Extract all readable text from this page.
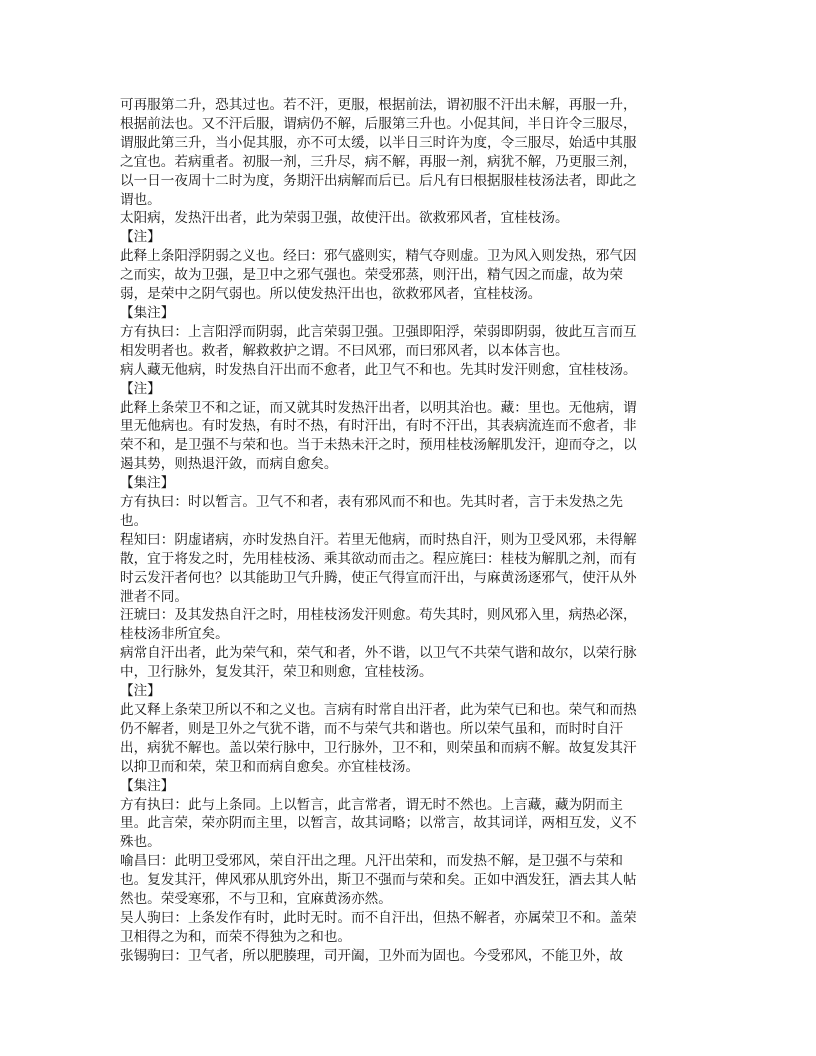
可再服第二升，恐其过也。若不汗，更服，根据前法，谓初服不汗出未解，再服一升，根据前法也。又不汗后服，谓病仍不解，后服第三升也。小促其间，半日许令三服尽，谓服此第三升，当小促其服，亦不可太缓，以半日三时许为度，令三服尽，始适中其服之宜也。若病重者。初服一剂，三升尽，病不解，再服一剂，病犹不解，乃更服三剂，以一日一夜周十二时为度，务期汗出病解而后已。后凡有曰根据服桂枝汤法者，即此之谓也。

太阳病，发热汗出者，此为荣弱卫强，故使汗出。欲救邪风者，宜桂枝汤。

【注】

此释上条阳浮阴弱之义也。经曰：邪气盛则实，精气夺则虚。卫为风入则发热，邪气因之而实，故为卫强，是卫中之邪气强也。荣受邪蒸，则汗出，精气因之而虚，故为荣弱，是荣中之阴气弱也。所以使发热汗出也，欲救邪风者，宜桂枝汤。

【集注】

方有执曰：上言阳浮而阴弱，此言荣弱卫强。卫强即阳浮，荣弱即阴弱，彼此互言而互相发明者也。救者，解救救护之谓。不曰风邪，而曰邪风者，以本体言也。

病人藏无他病，时发热自汗出而不愈者，此卫气不和也。先其时发汗则愈，宜桂枝汤。

【注】

此释上条荣卫不和之证，而又就其时发热汗出者，以明其治也。藏：里也。无他病，谓里无他病也。有时发热，有时不热，有时汗出，有时不汗出，其表病流连而不愈者，非荣不和，是卫强不与荣和也。当于未热未汗之时，预用桂枝汤解肌发汗，迎而夺之，以遏其势，则热退汗敛，而病自愈矣。

【集注】

方有执曰：时以暂言。卫气不和者，表有邪风而不和也。先其时者，言于未发热之先也。

程知曰：阴虚诸病，亦时发热自汗。若里无他病，而时热自汗，则为卫受风邪，未得解散，宜于将发之时，先用桂枝汤、乘其欲动而击之。程应旄曰：桂枝为解肌之剂，而有时云发汗者何也？以其能助卫气升腾，使正气得宣而汗出，与麻黄汤逐邪气，使汗从外泄者不同。

汪琥曰：及其发热自汗之时，用桂枝汤发汗则愈。苟失其时，则风邪入里，病热必深，桂枝汤非所宜矣。

病常自汗出者，此为荣气和，荣气和者，外不谐，以卫气不共荣气谐和故尔，以荣行脉中，卫行脉外，复发其汗，荣卫和则愈，宜桂枝汤。

【注】

此又释上条荣卫所以不和之义也。言病有时常自出汗者，此为荣气已和也。荣气和而热仍不解者，则是卫外之气犹不谐，而不与荣气共和谐也。所以荣气虽和，而时时自汗出，病犹不解也。盖以荣行脉中，卫行脉外，卫不和，则荣虽和而病不解。故复发其汗以抑卫而和荣，荣卫和而病自愈矣。亦宜桂枝汤。

【集注】

方有执曰：此与上条同。上以暂言，此言常者，谓无时不然也。上言藏，藏为阴而主里。此言荣，荣亦阴而主里，以暂言，故其词略；以常言，故其词详，两相互发，义不殊也。

喻昌曰：此明卫受邪风，荣自汗出之理。凡汗出荣和，而发热不解，是卫强不与荣和也。复发其汗，俾风邪从肌窍外出，斯卫不强而与荣和矣。正如中酒发狂，酒去其人帖然也。荣受寒邪，不与卫和，宜麻黄汤亦然。

吴人驹曰：上条发作有时，此时无时。而不自汗出，但热不解者，亦属荣卫不和。盖荣卫相得之为和，而荣不得独为之和也。

张锡驹曰：卫气者，所以肥腠理，司开阖，卫外而为固也。今受邪风，不能卫外，故
